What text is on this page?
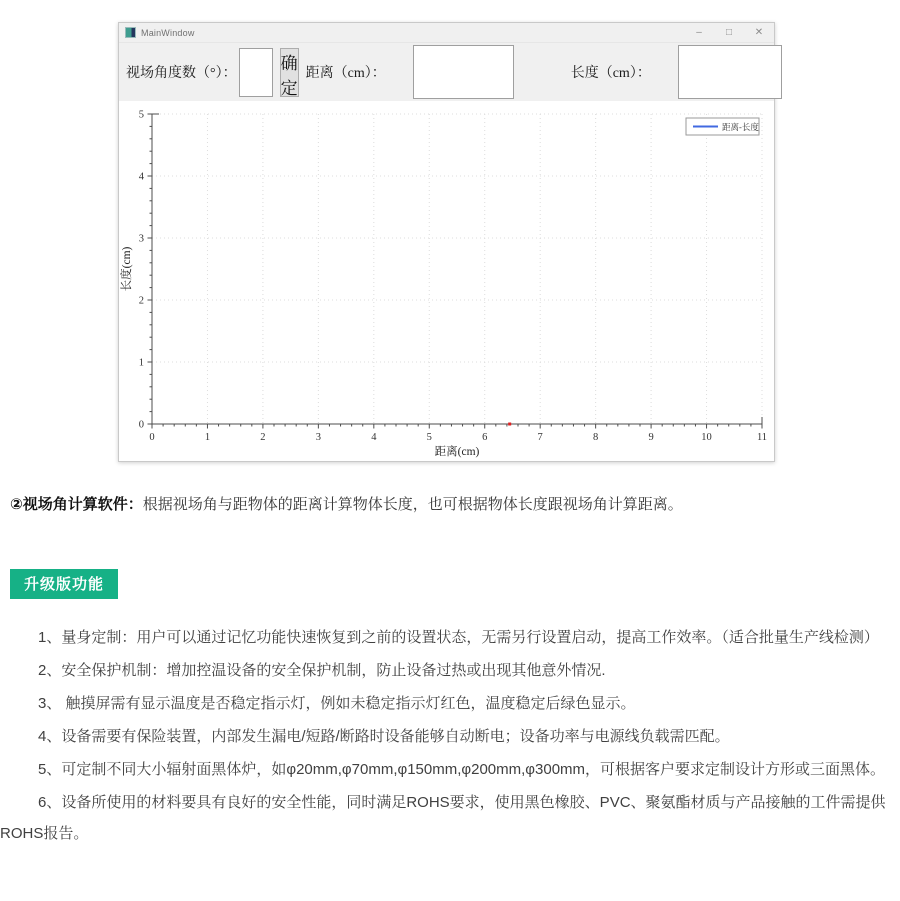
MainWindow	–	□	✕
视场角度数（°）：
确定
距离（cm）：	长度（cm）：
0	1	2	3	4	5	6	7	8	9	10	11
0
1
2
3
4
5
距离(cm)
长度(cm)
距离-长度

②视场角计算软件：根据视场角与距物体的距离计算物体长度，也可根据物体长度跟视场角计算距离。

升级版功能

1、量身定制：用户可以通过记忆功能快速恢复到之前的设置状态，无需另行设置启动，提高工作效率。（适合批量生产线检测）

2、安全保护机制：增加控温设备的安全保护机制，防止设备过热或出现其他意外情况.

3、 触摸屏需有显示温度是否稳定指示灯，例如未稳定指示灯红色，温度稳定后绿色显示。

4、设备需要有保险装置，内部发生漏电/短路/断路时设备能够自动断电；设备功率与电源线负载需匹配。

5、可定制不同大小辐射面黑体炉，如φ20mm,φ70mm,φ150mm,φ200mm,φ300mm，可根据客户要求定制设计方形或三面黑体。

6、设备所使用的材料要具有良好的安全性能，同时满足ROHS要求，使用黑色橡胶、PVC、聚氨酯材质与产品接触的工件需提供ROHS报告。
